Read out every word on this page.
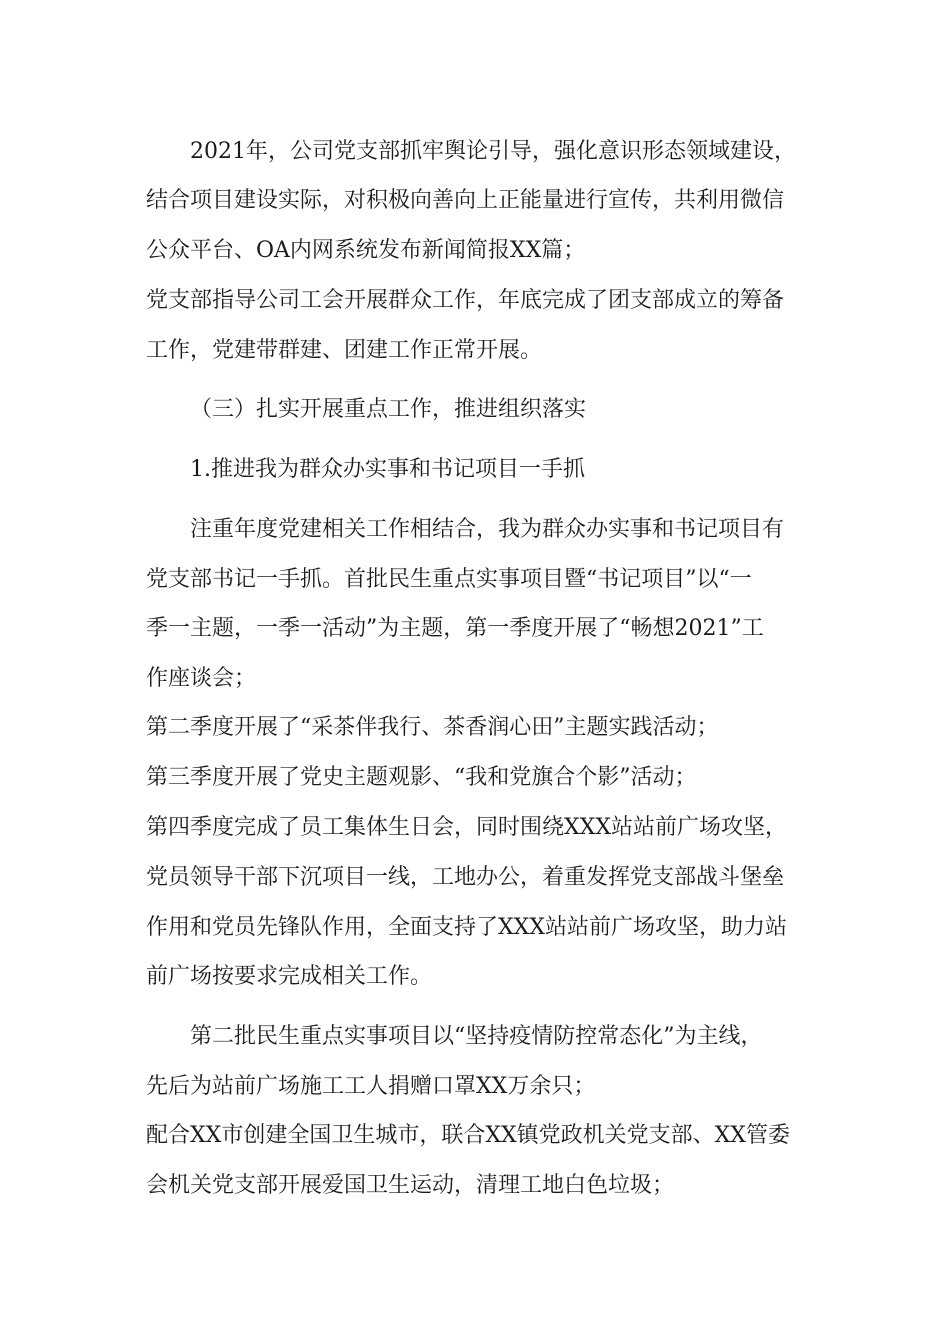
2021年，公司党支部抓牢舆论引导，强化意识形态领域建设，
结合项目建设实际，对积极向善向上正能量进行宣传，共利用微信
公众平台、OA内网系统发布新闻简报XX篇；
党支部指导公司工会开展群众工作，年底完成了团支部成立的筹备
工作，党建带群建、团建工作正常开展。
（三）扎实开展重点工作，推进组织落实
1.推进我为群众办实事和书记项目一手抓
注重年度党建相关工作相结合，我为群众办实事和书记项目有
党支部书记一手抓。首批民生重点实事项目暨“书记项目”以“一
季一主题，一季一活动”为主题，第一季度开展了“畅想2021”工
作座谈会；
第二季度开展了“采茶伴我行、茶香润心田”主题实践活动；
第三季度开展了党史主题观影、“我和党旗合个影”活动；
第四季度完成了员工集体生日会，同时围绕XXX站站前广场攻坚，
党员领导干部下沉项目一线，工地办公，着重发挥党支部战斗堡垒
作用和党员先锋队作用，全面支持了XXX站站前广场攻坚，助力站
前广场按要求完成相关工作。
第二批民生重点实事项目以“坚持疫情防控常态化”为主线，
先后为站前广场施工工人捐赠口罩XX万余只；
配合XX市创建全国卫生城市，联合XX镇党政机关党支部、XX管委
会机关党支部开展爱国卫生运动，清理工地白色垃圾；
